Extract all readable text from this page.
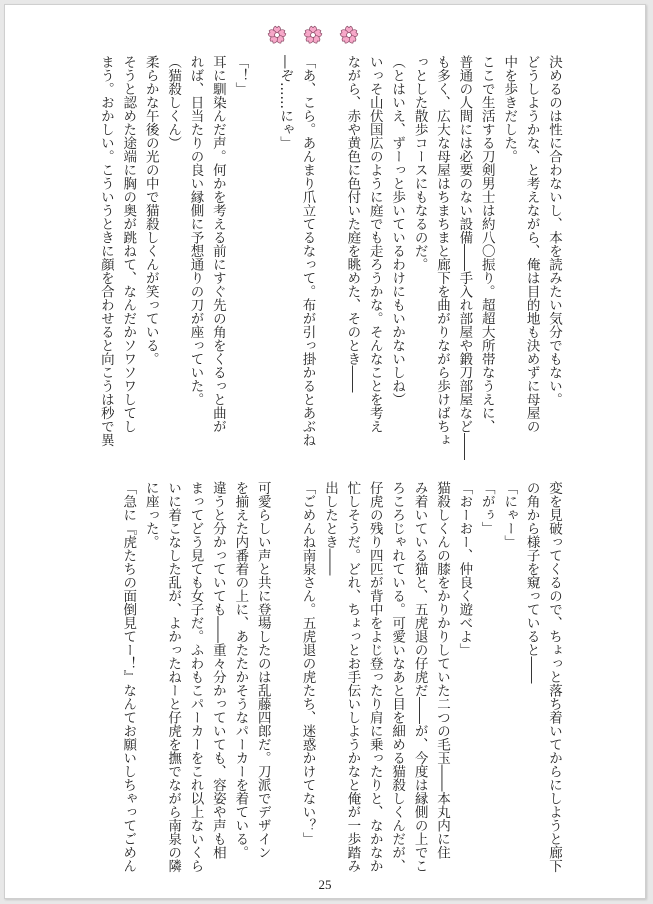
決めるのは性に合わないし、本を読みたい気分でもない。
どうしようかな、と考えながら、俺は目的地も決めずに母屋の
中を歩きだした。
ここで生活する刀剣男士は約八〇振り。超超大所帯なうえに、
普通の人間には必要のない設備――手入れ部屋や鍛刀部屋など――
も多く、広大な母屋はちまちまと廊下を曲がりながら歩けばちょ
っとした散歩コースにもなるのだ。
（とはいえ、ずーっと歩いているわけにもいかないしね）
いっそ山伏国広のように庭でも走ろうかな。そんなことを考え
ながら、赤や黄色に色付いた庭を眺めた、そのとき――

「あ、こら。あんまり爪立てるなって。布が引っ掛かるとあぶね
―ぞ……にゃ」

「！」
耳に馴染んだ声。何かを考える前にすぐ先の角をくるっと曲が
れば、日当たりの良い縁側に予想通りの刀が座っていた。
（猫殺しくん）
柔らかな午後の光の中で猫殺しくんが笑っている。
そうと認めた途端に胸の奥が跳ねて、なんだかソワソワしてし
まう。おかしい。こういうときに顔を合わせると向こうは秒で異
変を見破ってくるので、ちょっと落ち着いてからにしようと廊下
の角から様子を窺っていると――
「にゃー」
「がぅ」
「おーおー、仲良く遊べよ」
猫殺しくんの膝をかりかりしていた二つの毛玉――本丸内に住
み着いている猫と、五虎退の仔虎だ――が、今度は縁側の上でこ
ろころじゃれている。可愛いなあと目を細める猫殺しくんだが、
仔虎の残り四匹が背中をよじ登ったり肩に乗ったりと、なかなか
忙しそうだ。どれ、ちょっとお手伝いしようかなと俺が一歩踏み
出したとき――
「ごめんね南泉さん。五虎退の虎たち、迷惑かけてない？」

可愛らしい声と共に登場したのは乱藤四郎だ。刀派でデザイン
を揃えた内番着の上に、あたたかそうなパーカーを着ている。
違うと分かっていても――重々分かっていても、容姿や声も相
まってどう見ても女子だ。ふわもこパーカーをこれ以上ないくら
いに着こなした乱が、よかったねーと仔虎を撫でながら南泉の隣
に座った。
「急に『虎たちの面倒見てー！』なんてお願いしちゃってごめん
25
